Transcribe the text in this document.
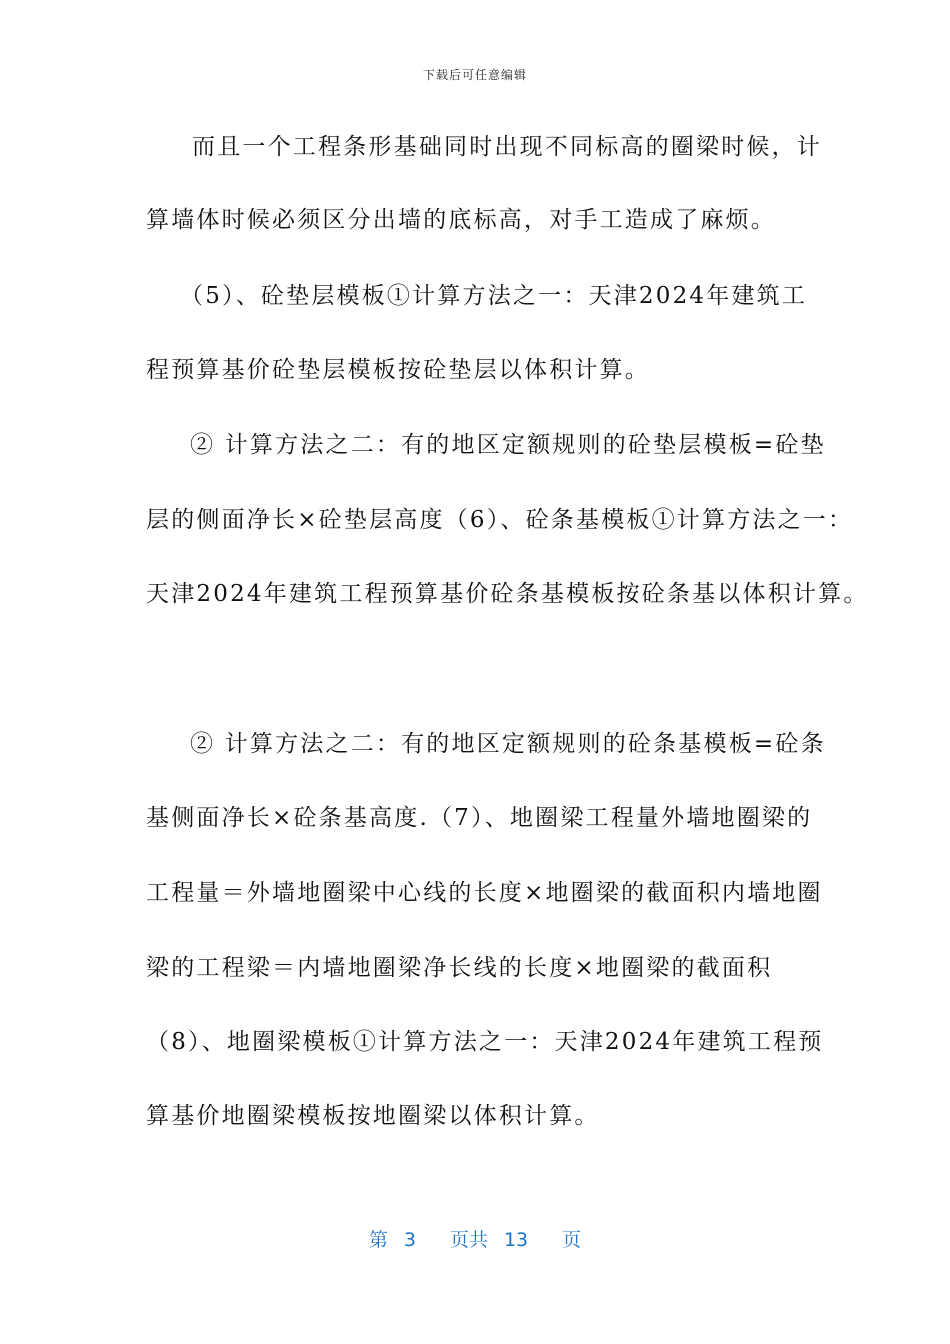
下载后可任意编辑
而且一个工程条形基础同时出现不同标高的圈梁时候，计
算墙体时候必须区分出墙的底标高，对手工造成了麻烦。
（5）、砼垫层模板①计算方法之一：天津2024年建筑工
程预算基价砼垫层模板按砼垫层以体积计算。
② 计算方法之二：有的地区定额规则的砼垫层模板=砼垫
层的侧面净长×砼垫层高度（6）、砼条基模板①计算方法之一：
天津2024年建筑工程预算基价砼条基模板按砼条基以体积计算。
② 计算方法之二：有的地区定额规则的砼条基模板=砼条
基侧面净长×砼条基高度.（7）、地圈梁工程量外墙地圈梁的
工程量＝外墙地圈梁中心线的长度×地圈梁的截面积内墙地圈
梁的工程梁＝内墙地圈梁净长线的长度×地圈梁的截面积
（8）、地圈梁模板①计算方法之一：天津2024年建筑工程预
算基价地圈梁模板按地圈梁以体积计算。
第 3 页共 13 页
